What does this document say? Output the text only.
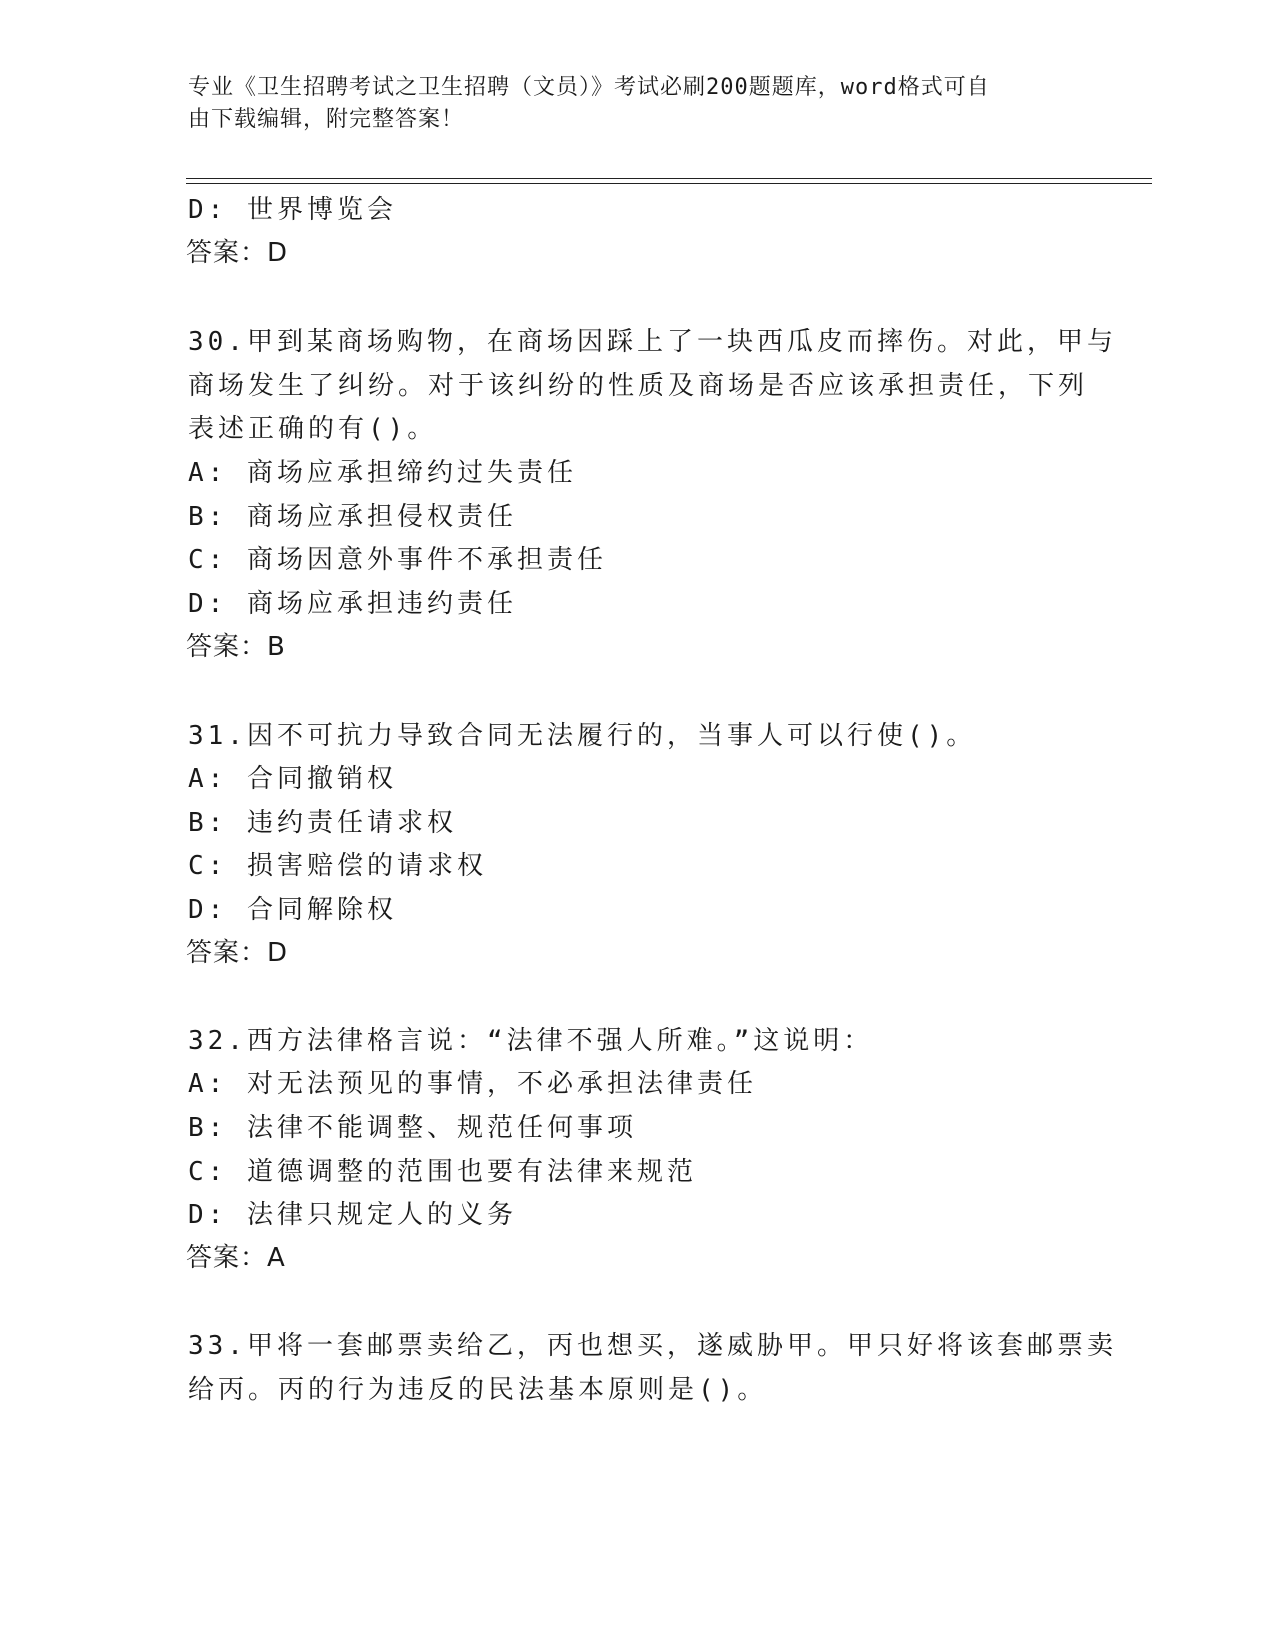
专业《卫生招聘考试之卫生招聘（文员）》考试必刷200题题库，word格式可自
由下载编辑，附完整答案！
D: 世界博览会
答案：D
30.甲到某商场购物，在商场因踩上了一块西瓜皮而摔伤。对此，甲与
商场发生了纠纷。对于该纠纷的性质及商场是否应该承担责任，下列
表述正确的有()。
A: 商场应承担缔约过失责任
B: 商场应承担侵权责任
C: 商场因意外事件不承担责任
D: 商场应承担违约责任
答案：B
31.因不可抗力导致合同无法履行的，当事人可以行使()。
A: 合同撤销权
B: 违约责任请求权
C: 损害赔偿的请求权
D: 合同解除权
答案：D
32.西方法律格言说：“法律不强人所难。”这说明：
A: 对无法预见的事情，不必承担法律责任
B: 法律不能调整、规范任何事项
C: 道德调整的范围也要有法律来规范
D: 法律只规定人的义务
答案：A
33.甲将一套邮票卖给乙，丙也想买，遂威胁甲。甲只好将该套邮票卖
给丙。丙的行为违反的民法基本原则是()。
